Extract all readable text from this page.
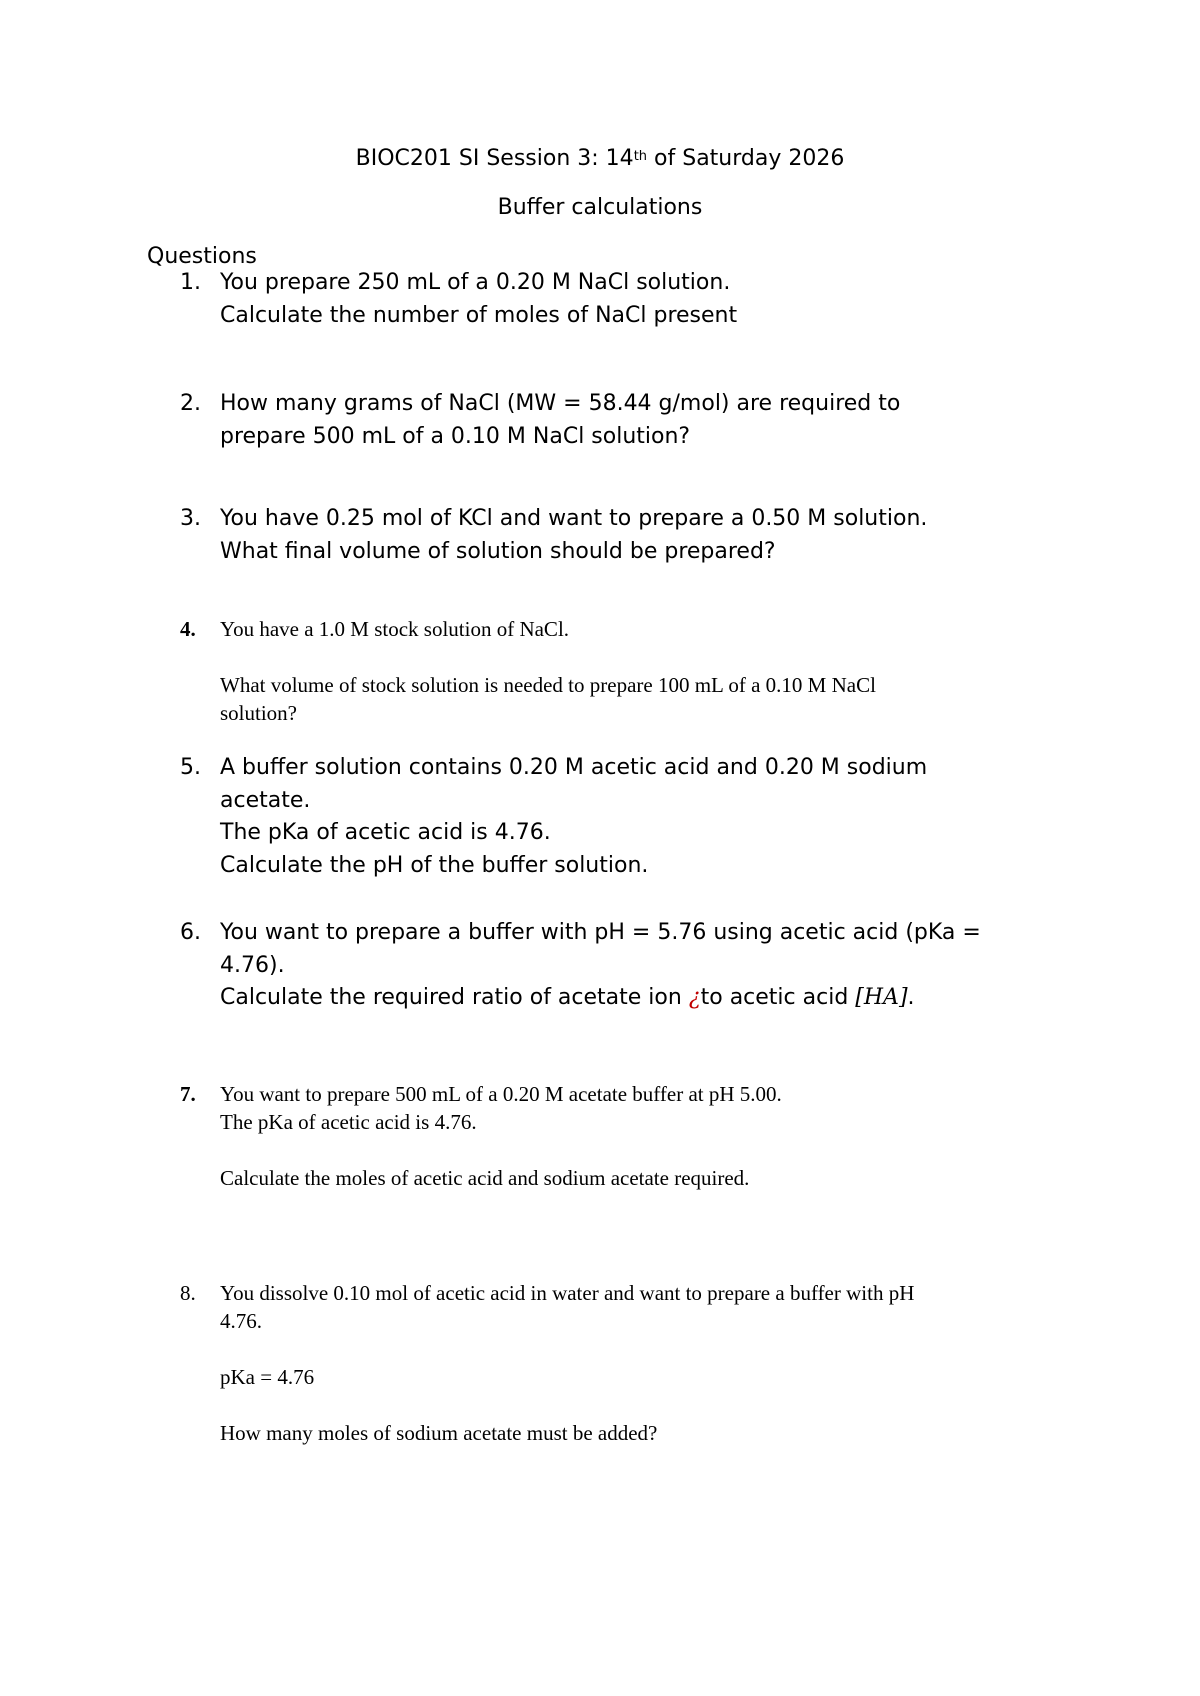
BIOC201 SI Session 3: 14th of Saturday 2026
Buffer calculations
Questions
1. You prepare 250 mL of a 0.20 M NaCl solution.
Calculate the number of moles of NaCl present
2. How many grams of NaCl (MW = 58.44 g/mol) are required to
prepare 500 mL of a 0.10 M NaCl solution?
3. You have 0.25 mol of KCl and want to prepare a 0.50 M solution.
What final volume of solution should be prepared?
4.	You have a 1.0 M stock solution of NaCl.
What volume of stock solution is needed to prepare 100 mL of a 0.10 M NaCl
solution?
5. A buffer solution contains 0.20 M acetic acid and 0.20 M sodium
acetate.
The pKa of acetic acid is 4.76.
Calculate the pH of the buffer solution.
6. You want to prepare a buffer with pH = 5.76 using acetic acid (pKa =
4.76).
Calculate the required ratio of acetate ion ¿to acetic acid [HA].
7.	You want to prepare 500 mL of a 0.20 M acetate buffer at pH 5.00.
The pKa of acetic acid is 4.76.
Calculate the moles of acetic acid and sodium acetate required.
8.	You dissolve 0.10 mol of acetic acid in water and want to prepare a buffer with pH
4.76.
pKa = 4.76
How many moles of sodium acetate must be added?
